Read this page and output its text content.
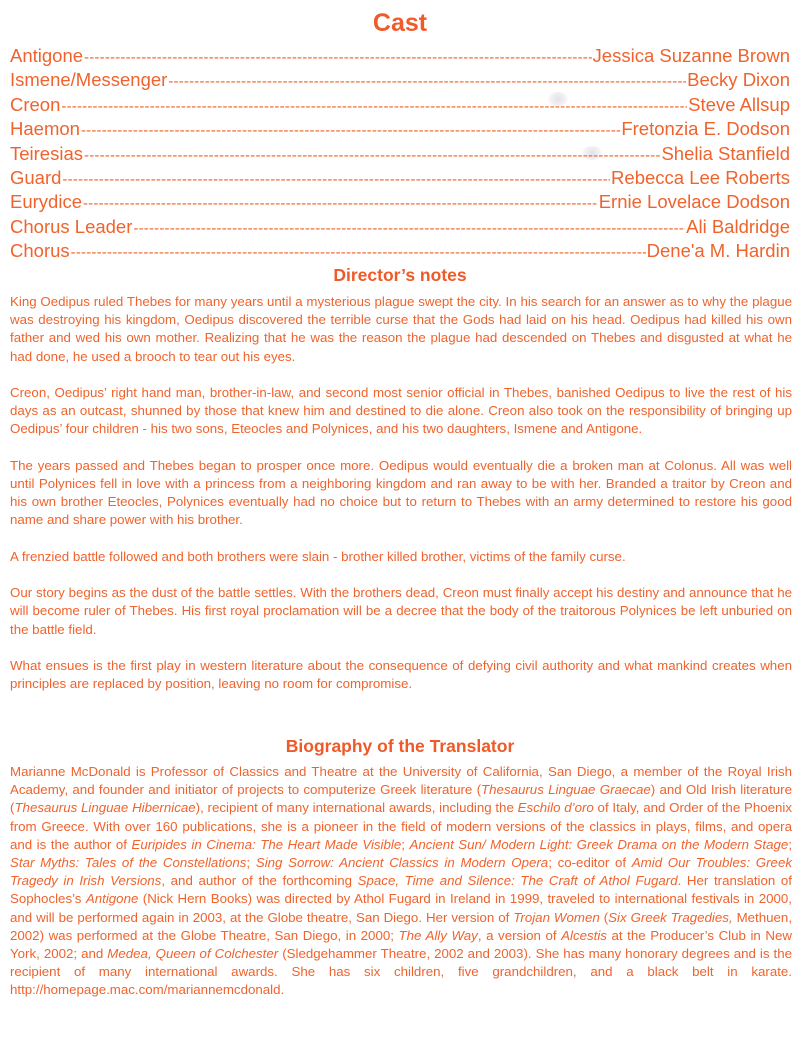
Cast
Antigone -----	Jessica Suzanne Brown
Ismene/Messenger -----	Becky Dixon
Creon -----	Steve Allsup
Haemon -----	Fretonzia E. Dodson
Teiresias -----	Shelia Stanfield
Guard -----	Rebecca Lee Roberts
Eurydice -----	Ernie Lovelace Dodson
Chorus Leader -----	Ali Baldridge
Chorus -----	Dene'a M. Hardin
Director’s notes

King Oedipus ruled Thebes for many years until a mysterious plague swept the city. In his search for an answer as to why the plague was destroying his kingdom, Oedipus discovered the terrible curse that the Gods had laid on his head. Oedipus had killed his own father and wed his own mother. Realizing that he was the reason the plague had descended on Thebes and disgusted at what he had done, he used a brooch to tear out his eyes.

Creon, Oedipus’ right hand man, brother-in-law, and second most senior official in Thebes, banished Oedipus to live the rest of his days as an outcast, shunned by those that knew him and destined to die alone. Creon also took on the responsibility of bringing up Oedipus’ four children - his two sons, Eteocles and Polynices, and his two daughters, Ismene and Antigone.

The years passed and Thebes began to prosper once more. Oedipus would eventually die a broken man at Colonus. All was well until Polynices fell in love with a princess from a neighboring kingdom and ran away to be with her. Branded a traitor by Creon and his own brother Eteocles, Polynices eventually had no choice but to return to Thebes with an army determined to restore his good name and share power with his brother.

A frenzied battle followed and both brothers were slain - brother killed brother, victims of the family curse.

Our story begins as the dust of the battle settles. With the brothers dead, Creon must finally accept his destiny and announce that he will become ruler of Thebes. His first royal proclamation will be a decree that the body of the traitorous Polynices be left unburied on the battle field.

What ensues is the first play in western literature about the consequence of defying civil authority and what mankind creates when principles are replaced by position, leaving no room for compromise.

Biography of the Translator

Marianne McDonald is Professor of Classics and Theatre at the University of California, San Diego, a member of the Royal Irish Academy, and founder and initiator of projects to computerize Greek literature (Thesaurus Linguae Graecae) and Old Irish literature (Thesaurus Linguae Hibernicae), recipient of many international awards, including the Eschilo d’oro of Italy, and Order of the Phoenix from Greece. With over 160 publications, she is a pioneer in the field of modern versions of the classics in plays, films, and opera and is the author of Euripides in Cinema: The Heart Made Visible; Ancient Sun/ Modern Light: Greek Drama on the Modern Stage; Star Myths: Tales of the Constellations; Sing Sorrow: Ancient Classics in Modern Opera; co-editor of Amid Our Troubles: Greek Tragedy in Irish Versions, and author of the forthcoming Space, Time and Silence: The Craft of Athol Fugard. Her translation of Sophocles’s Antigone (Nick Hern Books) was directed by Athol Fugard in Ireland in 1999, traveled to international festivals in 2000, and will be performed again in 2003, at the Globe theatre, San Diego. Her version of Trojan Women (Six Greek Tragedies, Methuen, 2002) was performed at the Globe Theatre, San Diego, in 2000; The Ally Way, a version of Alcestis at the Producer’s Club in New York, 2002; and Medea, Queen of Colchester (Sledgehammer Theatre, 2002 and 2003). She has many honorary degrees and is the recipient of many international awards. She has six children, five grandchildren, and a black belt in karate. http://homepage.mac.com/mariannemcdonald.
